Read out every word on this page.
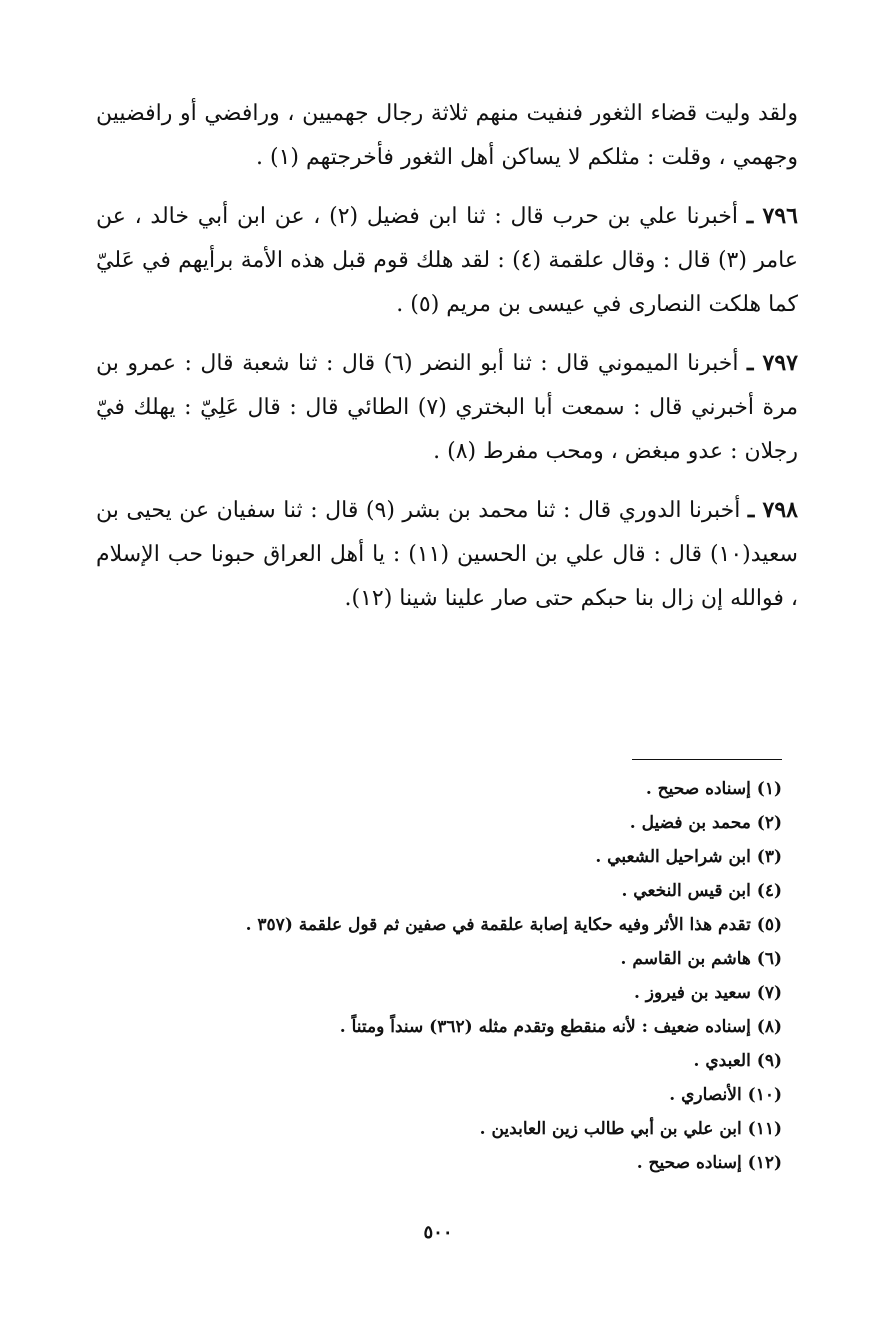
ولقد وليت قضاء الثغور فنفيت منهم ثلاثة رجال جهميين ، ورافضي أو رافضيين وجهمي ، وقلت : مثلكم لا يساكن أهل الثغور فأخرجتهم (١) .

٧٩٦ ـ أخبرنا علي بن حرب قال : ثنا ابن فضيل (٢) ، عن ابن أبي خالد ، عن عامر (٣) قال : وقال علقمة (٤) : لقد هلك قوم قبل هذه الأمة برأيهم في عَليّ كما هلكت النصارى في عيسى بن مريم (٥) .

٧٩٧ ـ أخبرنا الميموني قال : ثنا أبو النضر (٦) قال : ثنا شعبة قال : عمرو بن مرة أخبرني قال : سمعت أبا البختري (٧) الطائي قال : قال عَلِيّ : يهلك فيّ رجلان : عدو مبغض ، ومحب مفرط (٨) .

٧٩٨ ـ أخبرنا الدوري قال : ثنا محمد بن بشر (٩) قال : ثنا سفيان عن يحيى بن سعيد(١٠) قال : قال علي بن الحسين (١١) : يا أهل العراق حبونا حب الإسلام ، فوالله إن زال بنا حبكم حتى صار علينا شينا (١٢).

(١) إسناده صحيح .
(٢) محمد بن فضيل .
(٣) ابن شراحيل الشعبي .
(٤) ابن قيس النخعي .
(٥) تقدم هذا الأثر وفيه حكاية إصابة علقمة في صفين ثم قول علقمة (٣٥٧ .
(٦) هاشم بن القاسم .
(٧) سعيد بن فيروز .
(٨) إسناده ضعيف : لأنه منقطع وتقدم مثله (٣٦٢) سنداً ومتناً .
(٩) العبدي .
(١٠) الأنصاري .
(١١) ابن علي بن أبي طالب زين العابدين .
(١٢) إسناده صحيح .
٥٠٠
